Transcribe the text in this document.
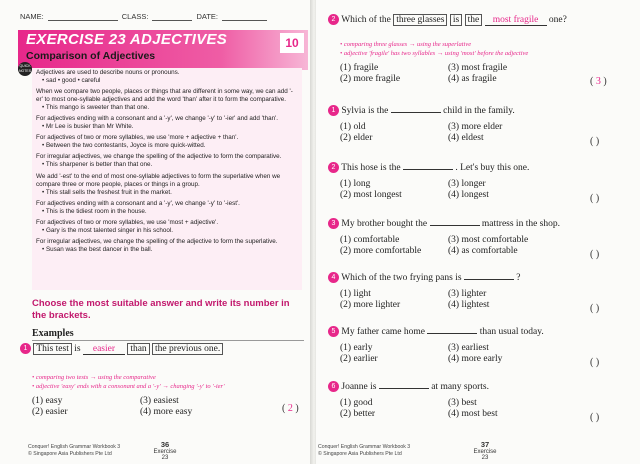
NAME:	CLASS:	DATE:
EXERCISE 23 ADJECTIVES
Comparison of Adjectives
10
QUICK NOTES Adjectives are used to describe nouns or pronouns.

• sad • good • careful

When we compare two people, places or things that are different in some way, we can add '-er' to most one-syllable adjectives and add the word 'than' after it to form the comparative.

• This mango is sweeter than that one.

For adjectives ending with a consonant and a '-y', we change '-y' to '-ier' and add 'than'.

• Mr Lee is busier than Mr White.

For adjectives of two or more syllables, we use 'more + adjective + than'.

• Between the two contestants, Joyce is more quick-witted.

For irregular adjectives, we change the spelling of the adjective to form the comparative.

• This sharpener is better than that one.

We add '-est' to the end of most one-syllable adjectives to form the superlative when we compare three or more people, places or things in a group.

• This stall sells the freshest fruit in the market.

For adjectives ending with a consonant and a '-y', we change '-y' to '-iest'.

• This is the tidiest room in the house.

For adjectives of two or more syllables, we use 'most + adjective'.

• Gary is the most talented singer in his school.

For irregular adjectives, we change the spelling of the adjective to form the superlative.

• Susan was the best dancer in the ball.

Choose the most suitable answer and write its number in the brackets.
Examples
1 This test is easier than the previous one.
• comparing two tests → using the comparative
• adjective 'easy' ends with a consonant and a '-y' → changing '-y' to '-ier'
(1) easy	(3) easiest
(2) easier	(4) more easy	( 2 )
Conquer! English Grammar Workbook 3
© Singapore Asia Publishers Pte Ltd
36
Exercise 23
2 Which of the three glasses is the most fragile one?
• comparing three glasses → using the superlative
• adjective 'fragile' has two syllables → using 'most' before the adjective
(1) fragile	(3) most fragile
(2) more fragile	(4) as fragile	( 3 )
1 Sylvia is the	child in the family.
(1) old	(3) more elder
(2) elder	(4) eldest	( )
2 This hose is the	. Let's buy this one.
(1) long	(3) longer
(2) most longest	(4) longest	( )
3 My brother bought the	mattress in the shop.
(1) comfortable	(3) most comfortable
(2) more comfortable	(4) as comfortable	( )
4 Which of the two frying pans is	?
(1) light	(3) lighter
(2) more lighter	(4) lightest	( )
5 My father came home	than usual today.
(1) early	(3) earliest
(2) earlier	(4) more early	( )
6 Joanne is	at many sports.
(1) good	(3) best
(2) better	(4) most best	( )
Conquer! English Grammar Workbook 3
© Singapore Asia Publishers Pte Ltd
37
Exercise 23
